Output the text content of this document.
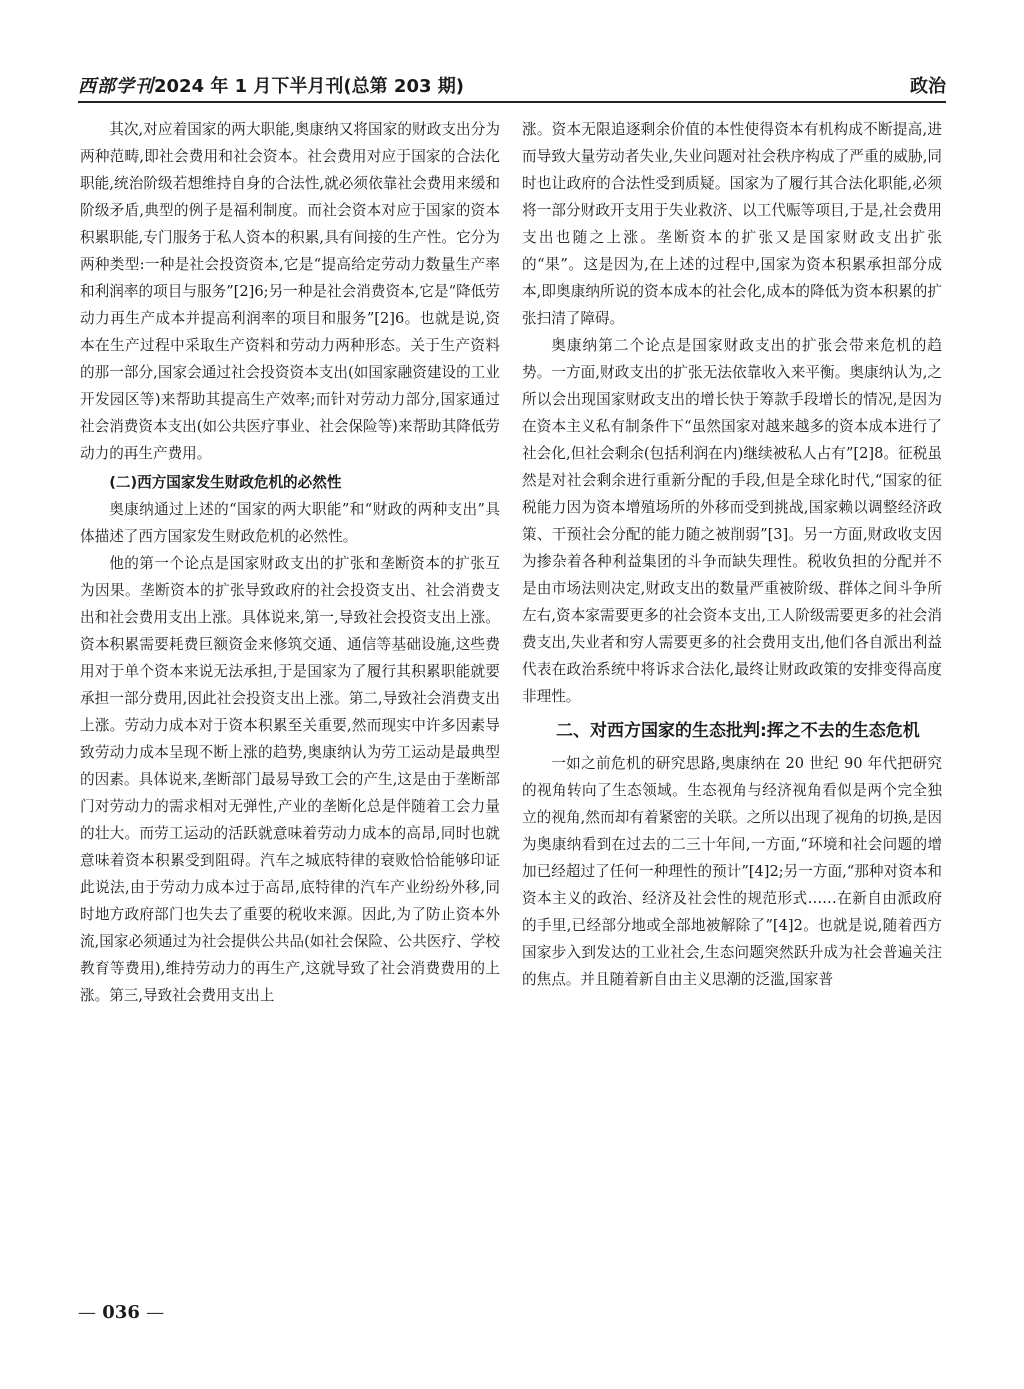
西部学刊2024 年 1 月下半月刊(总第 203 期)	政治

其次,对应着国家的两大职能,奥康纳又将国家的财政支出分为两种范畴,即社会费用和社会资本。社会费用对应于国家的合法化职能,统治阶级若想维持自身的合法性,就必须依靠社会费用来缓和阶级矛盾,典型的例子是福利制度。而社会资本对应于国家的资本积累职能,专门服务于私人资本的积累,具有间接的生产性。它分为两种类型:一种是社会投资资本,它是“提高给定劳动力数量生产率和利润率的项目与服务”[2]6;另一种是社会消费资本,它是“降低劳动力再生产成本并提高利润率的项目和服务”[2]6。也就是说,资本在生产过程中采取生产资料和劳动力两种形态。关于生产资料的那一部分,国家会通过社会投资资本支出(如国家融资建设的工业开发园区等)来帮助其提高生产效率;而针对劳动力部分,国家通过社会消费资本支出(如公共医疗事业、社会保险等)来帮助其降低劳动力的再生产费用。

(二)西方国家发生财政危机的必然性

奥康纳通过上述的“国家的两大职能”和“财政的两种支出”具体描述了西方国家发生财政危机的必然性。

他的第一个论点是国家财政支出的扩张和垄断资本的扩张互为因果。垄断资本的扩张导致政府的社会投资支出、社会消费支出和社会费用支出上涨。具体说来,第一,导致社会投资支出上涨。资本积累需要耗费巨额资金来修筑交通、通信等基础设施,这些费用对于单个资本来说无法承担,于是国家为了履行其积累职能就要承担一部分费用,因此社会投资支出上涨。第二,导致社会消费支出上涨。劳动力成本对于资本积累至关重要,然而现实中许多因素导致劳动力成本呈现不断上涨的趋势,奥康纳认为劳工运动是最典型的因素。具体说来,垄断部门最易导致工会的产生,这是由于垄断部门对劳动力的需求相对无弹性,产业的垄断化总是伴随着工会力量的壮大。而劳工运动的活跃就意味着劳动力成本的高昂,同时也就意味着资本积累受到阻碍。汽车之城底特律的衰败恰恰能够印证此说法,由于劳动力成本过于高昂,底特律的汽车产业纷纷外移,同时地方政府部门也失去了重要的税收来源。因此,为了防止资本外流,国家必须通过为社会提供公共品(如社会保险、公共医疗、学校教育等费用),维持劳动力的再生产,这就导致了社会消费费用的上涨。第三,导致社会费用支出上

涨。资本无限追逐剩余价值的本性使得资本有机构成不断提高,进而导致大量劳动者失业,失业问题对社会秩序构成了严重的威胁,同时也让政府的合法性受到质疑。国家为了履行其合法化职能,必须将一部分财政开支用于失业救济、以工代赈等项目,于是,社会费用支出也随之上涨。垄断资本的扩张又是国家财政支出扩张的“果”。这是因为,在上述的过程中,国家为资本积累承担部分成本,即奥康纳所说的资本成本的社会化,成本的降低为资本积累的扩张扫清了障碍。

奥康纳第二个论点是国家财政支出的扩张会带来危机的趋势。一方面,财政支出的扩张无法依靠收入来平衡。奥康纳认为,之所以会出现国家财政支出的增长快于筹款手段增长的情况,是因为在资本主义私有制条件下“虽然国家对越来越多的资本成本进行了社会化,但社会剩余(包括利润在内)继续被私人占有”[2]8。征税虽然是对社会剩余进行重新分配的手段,但是全球化时代,“国家的征税能力因为资本增殖场所的外移而受到挑战,国家赖以调整经济政策、干预社会分配的能力随之被削弱”[3]。另一方面,财政收支因为掺杂着各种利益集团的斗争而缺失理性。税收负担的分配并不是由市场法则决定,财政支出的数量严重被阶级、群体之间斗争所左右,资本家需要更多的社会资本支出,工人阶级需要更多的社会消费支出,失业者和穷人需要更多的社会费用支出,他们各自派出利益代表在政治系统中将诉求合法化,最终让财政政策的安排变得高度非理性。

二、对西方国家的生态批判:挥之不去的生态危机

一如之前危机的研究思路,奥康纳在 20 世纪 90 年代把研究的视角转向了生态领域。生态视角与经济视角看似是两个完全独立的视角,然而却有着紧密的关联。之所以出现了视角的切换,是因为奥康纳看到在过去的二三十年间,一方面,“环境和社会问题的增加已经超过了任何一种理性的预计”[4]2;另一方面,“那种对资本和资本主义的政治、经济及社会性的规范形式……在新自由派政府的手里,已经部分地或全部地被解除了”[4]2。也就是说,随着西方国家步入到发达的工业社会,生态问题突然跃升成为社会普遍关注的焦点。并且随着新自由主义思潮的泛滥,国家普

— 036 —
